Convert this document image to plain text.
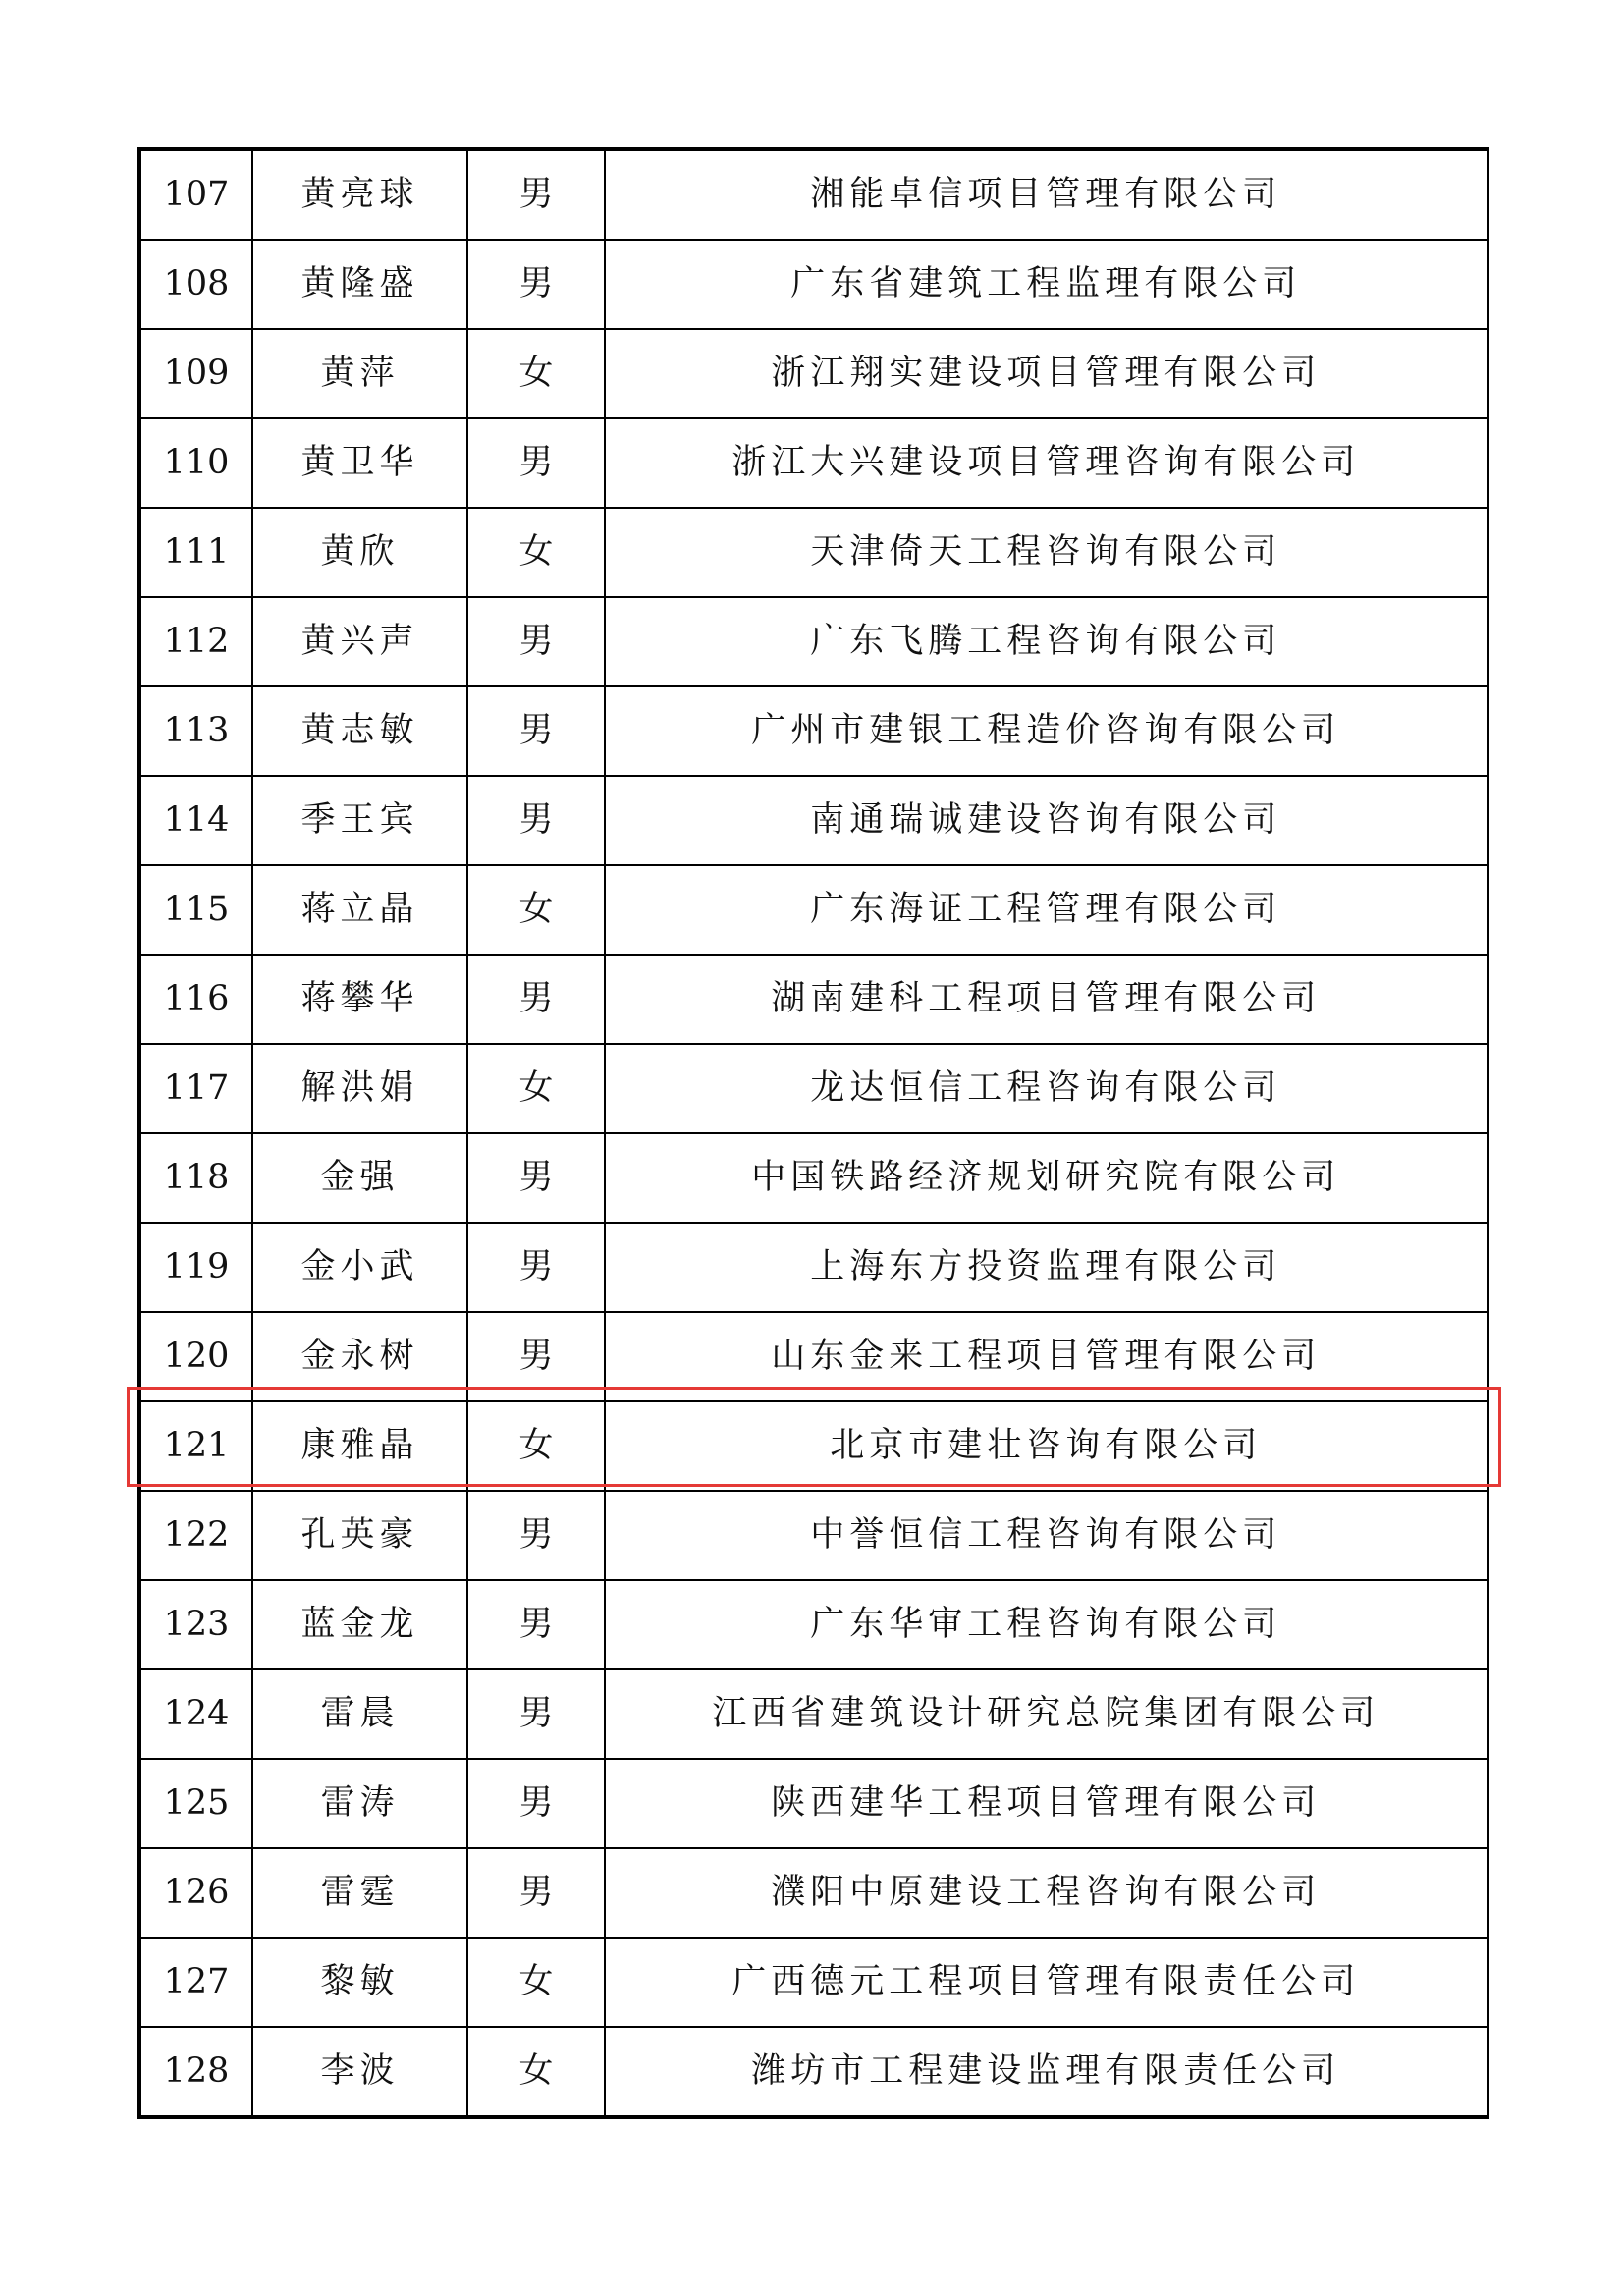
107	黄亮球	男	湘能卓信项目管理有限公司
108	黄隆盛	男	广东省建筑工程监理有限公司
109	黄萍	女	浙江翔实建设项目管理有限公司
110	黄卫华	男	浙江大兴建设项目管理咨询有限公司
111	黄欣	女	天津倚天工程咨询有限公司
112	黄兴声	男	广东飞腾工程咨询有限公司
113	黄志敏	男	广州市建银工程造价咨询有限公司
114	季王宾	男	南通瑞诚建设咨询有限公司
115	蒋立晶	女	广东海证工程管理有限公司
116	蒋攀华	男	湖南建科工程项目管理有限公司
117	解洪娟	女	龙达恒信工程咨询有限公司
118	金强	男	中国铁路经济规划研究院有限公司
119	金小武	男	上海东方投资监理有限公司
120	金永树	男	山东金来工程项目管理有限公司
121	康雅晶	女	北京市建壮咨询有限公司
122	孔英豪	男	中誉恒信工程咨询有限公司
123	蓝金龙	男	广东华审工程咨询有限公司
124	雷晨	男	江西省建筑设计研究总院集团有限公司
125	雷涛	男	陕西建华工程项目管理有限公司
126	雷霆	男	濮阳中原建设工程咨询有限公司
127	黎敏	女	广西德元工程项目管理有限责任公司
128	李波	女	潍坊市工程建设监理有限责任公司
